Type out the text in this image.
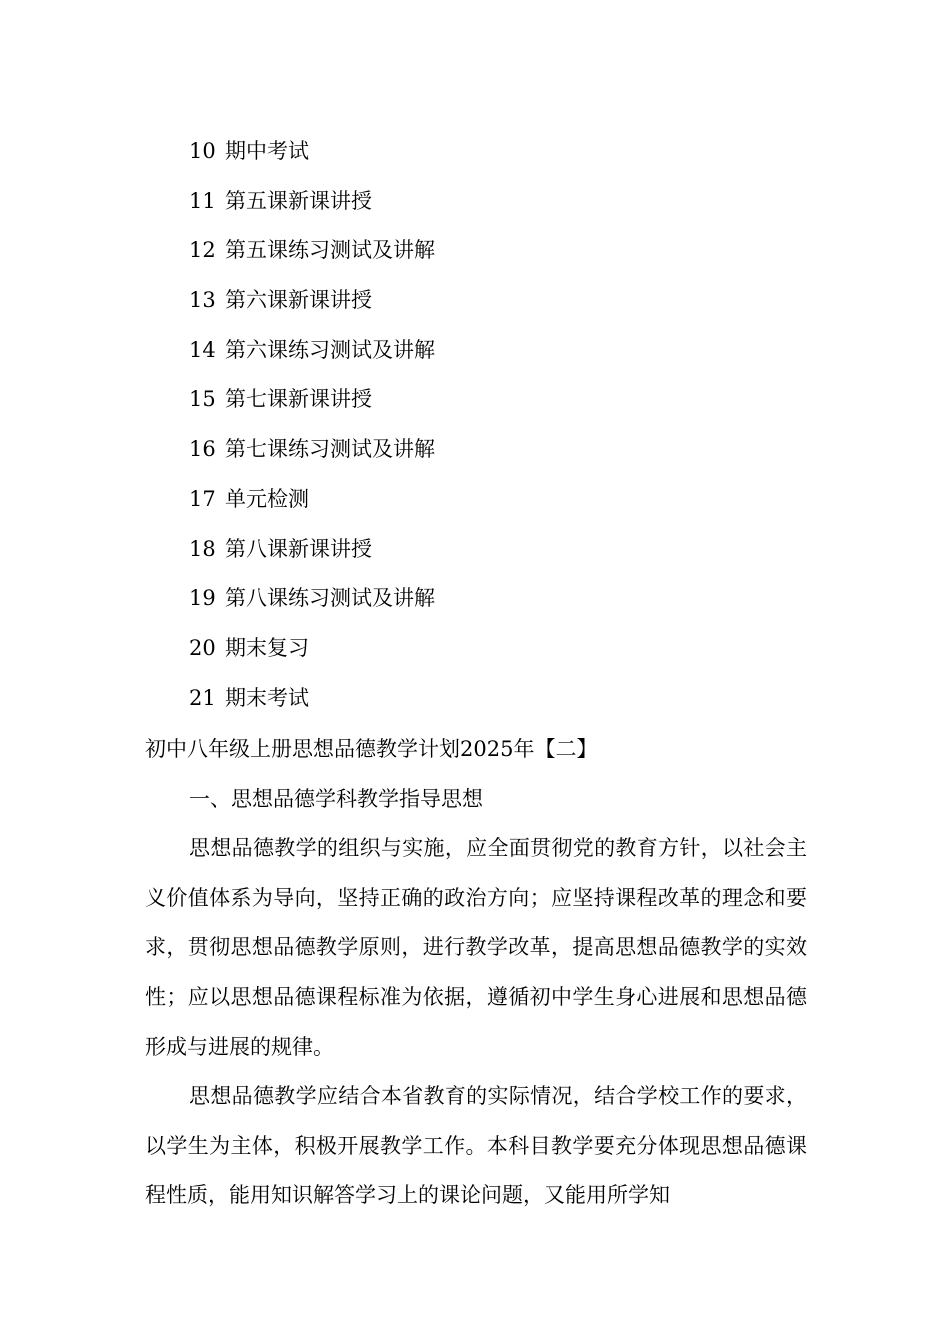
10 期中考试
11 第五课新课讲授
12 第五课练习测试及讲解
13 第六课新课讲授
14 第六课练习测试及讲解
15 第七课新课讲授
16 第七课练习测试及讲解
17 单元检测
18 第八课新课讲授
19 第八课练习测试及讲解
20 期末复习
21 期末考试
初中八年级上册思想品德教学计划2025年【二】
一、思想品德学科教学指导思想

思想品德教学的组织与实施，应全面贯彻党的教育方针，以社会主义价值体系为导向，坚持正确的政治方向；应坚持课程改革的理念和要求，贯彻思想品德教学原则，进行教学改革，提高思想品德教学的实效性；应以思想品德课程标准为依据，遵循初中学生身心进展和思想品德形成与进展的规律。

思想品德教学应结合本省教育的实际情况，结合学校工作的要求，以学生为主体，积极开展教学工作。本科目教学要充分体现思想品德课程性质，能用知识解答学习上的课论问题，又能用所学知
